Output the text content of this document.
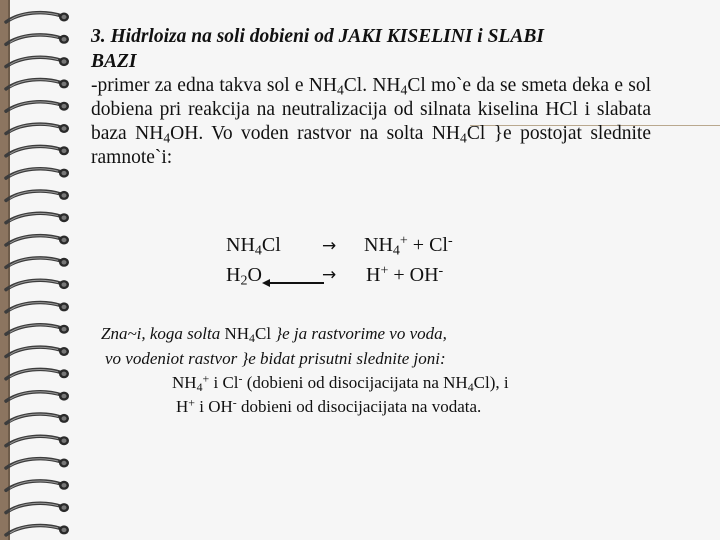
3. Hidrloiza na soli dobieni od JAKI KISELINI i SLABI
BAZI
-primer za edna takva sol e $NH_4Cl$. $NH_4Cl$ mo`e da se smeta deka e sol dobiena pri reakcija na neutralizacija od silnata kiselina HCl i slabata baza $NH_4OH$. Vo voden rastvor na solta $NH_4Cl$ }e postojat slednite ramnote`i:
$NH_4Cl \to NH_4^+ + Cl^-$
$H_2O$	→ H+ + OH-
Zna~i, koga solta $NH_4Cl$ }e ja rastvorime vo voda,
vo vodeniot rastvor }e bidat prisutni slednite joni:
$NH_4^+$ i Cl- (dobieni od disocijacijata na $NH_4Cl$), i
H+ i OH- dobieni od disocijacijata na vodata.
